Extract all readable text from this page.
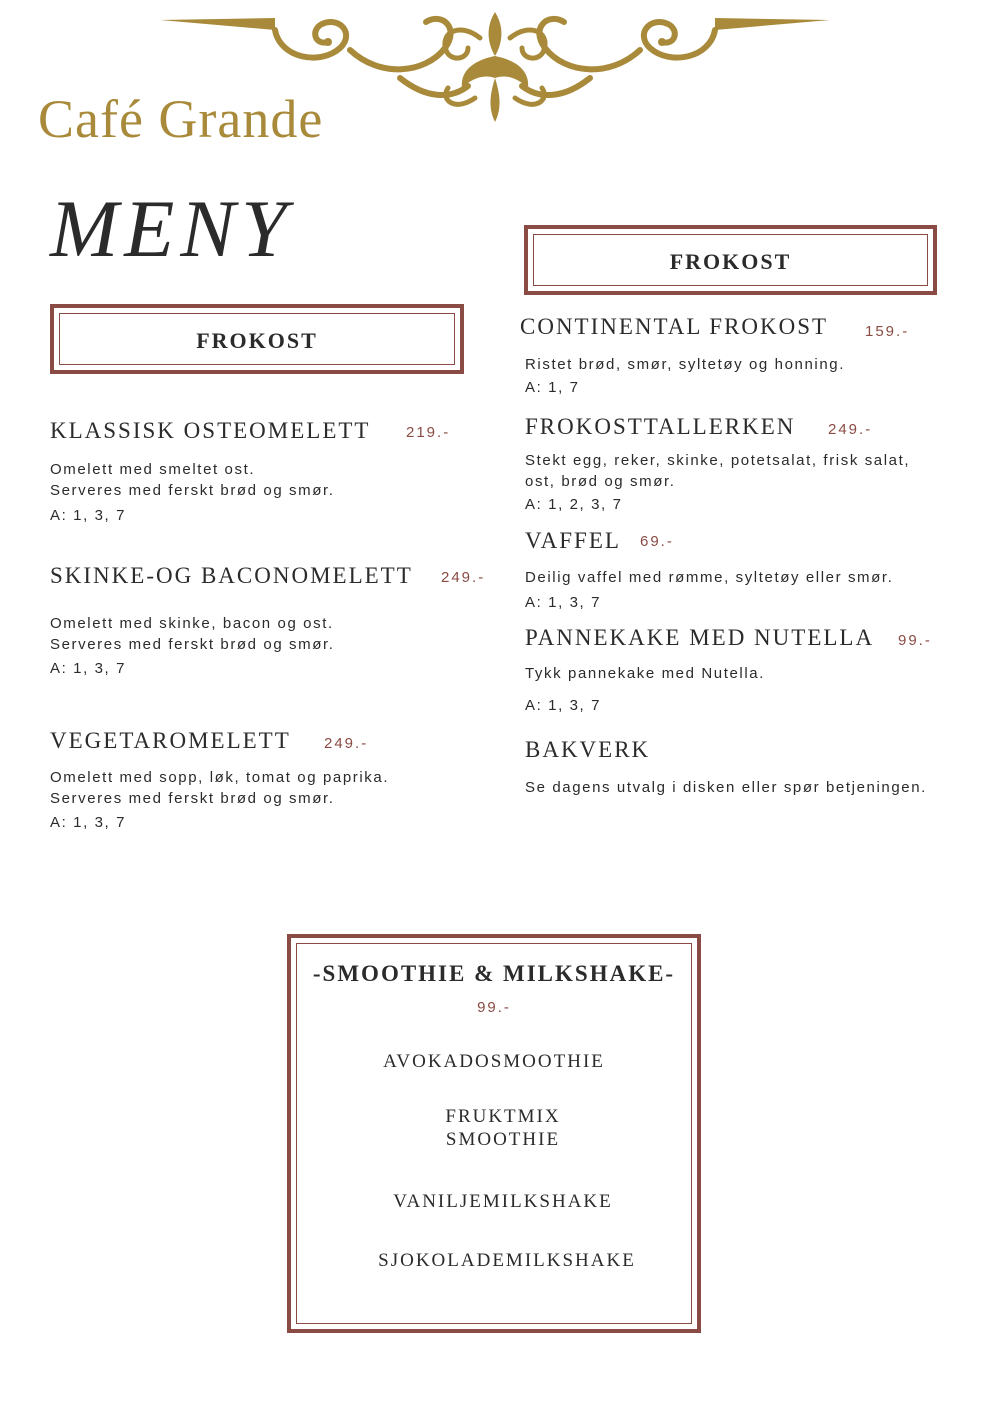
Café Grande
MENY
FROKOST
KLASSISK OSTEOMELETT 219.-
Omelett med smeltet ost.
Serveres med ferskt brød og smør.
A: 1, 3, 7
SKINKE-OG BACONOMELETT 249.-
Omelett med skinke, bacon og ost.
Serveres med ferskt brød og smør.
A: 1, 3, 7
VEGETAROMELETT 249.-
Omelett med sopp, løk, tomat og paprika.
Serveres med ferskt brød og smør.
A: 1, 3, 7
FROKOST
CONTINENTAL FROKOST 159.-
Ristet brød, smør, syltetøy og honning.
A: 1, 7
FROKOSTTALLERKEN 249.-
Stekt egg, reker, skinke, potetsalat, frisk salat,
ost, brød og smør.
A: 1, 2, 3, 7
VAFFEL 69.-
Deilig vaffel med rømme, syltetøy eller smør.
A: 1, 3, 7
PANNEKAKE MED NUTELLA 99.-
Tykk pannekake med Nutella.
A: 1, 3, 7
BAKVERK
Se dagens utvalg i disken eller spør betjeningen.
-SMOOTHIE & MILKSHAKE-
99.-
AVOKADOSMOOTHIE
FRUKTMIX
SMOOTHIE
VANILJEMILKSHAKE
SJOKOLADEMILKSHAKE
